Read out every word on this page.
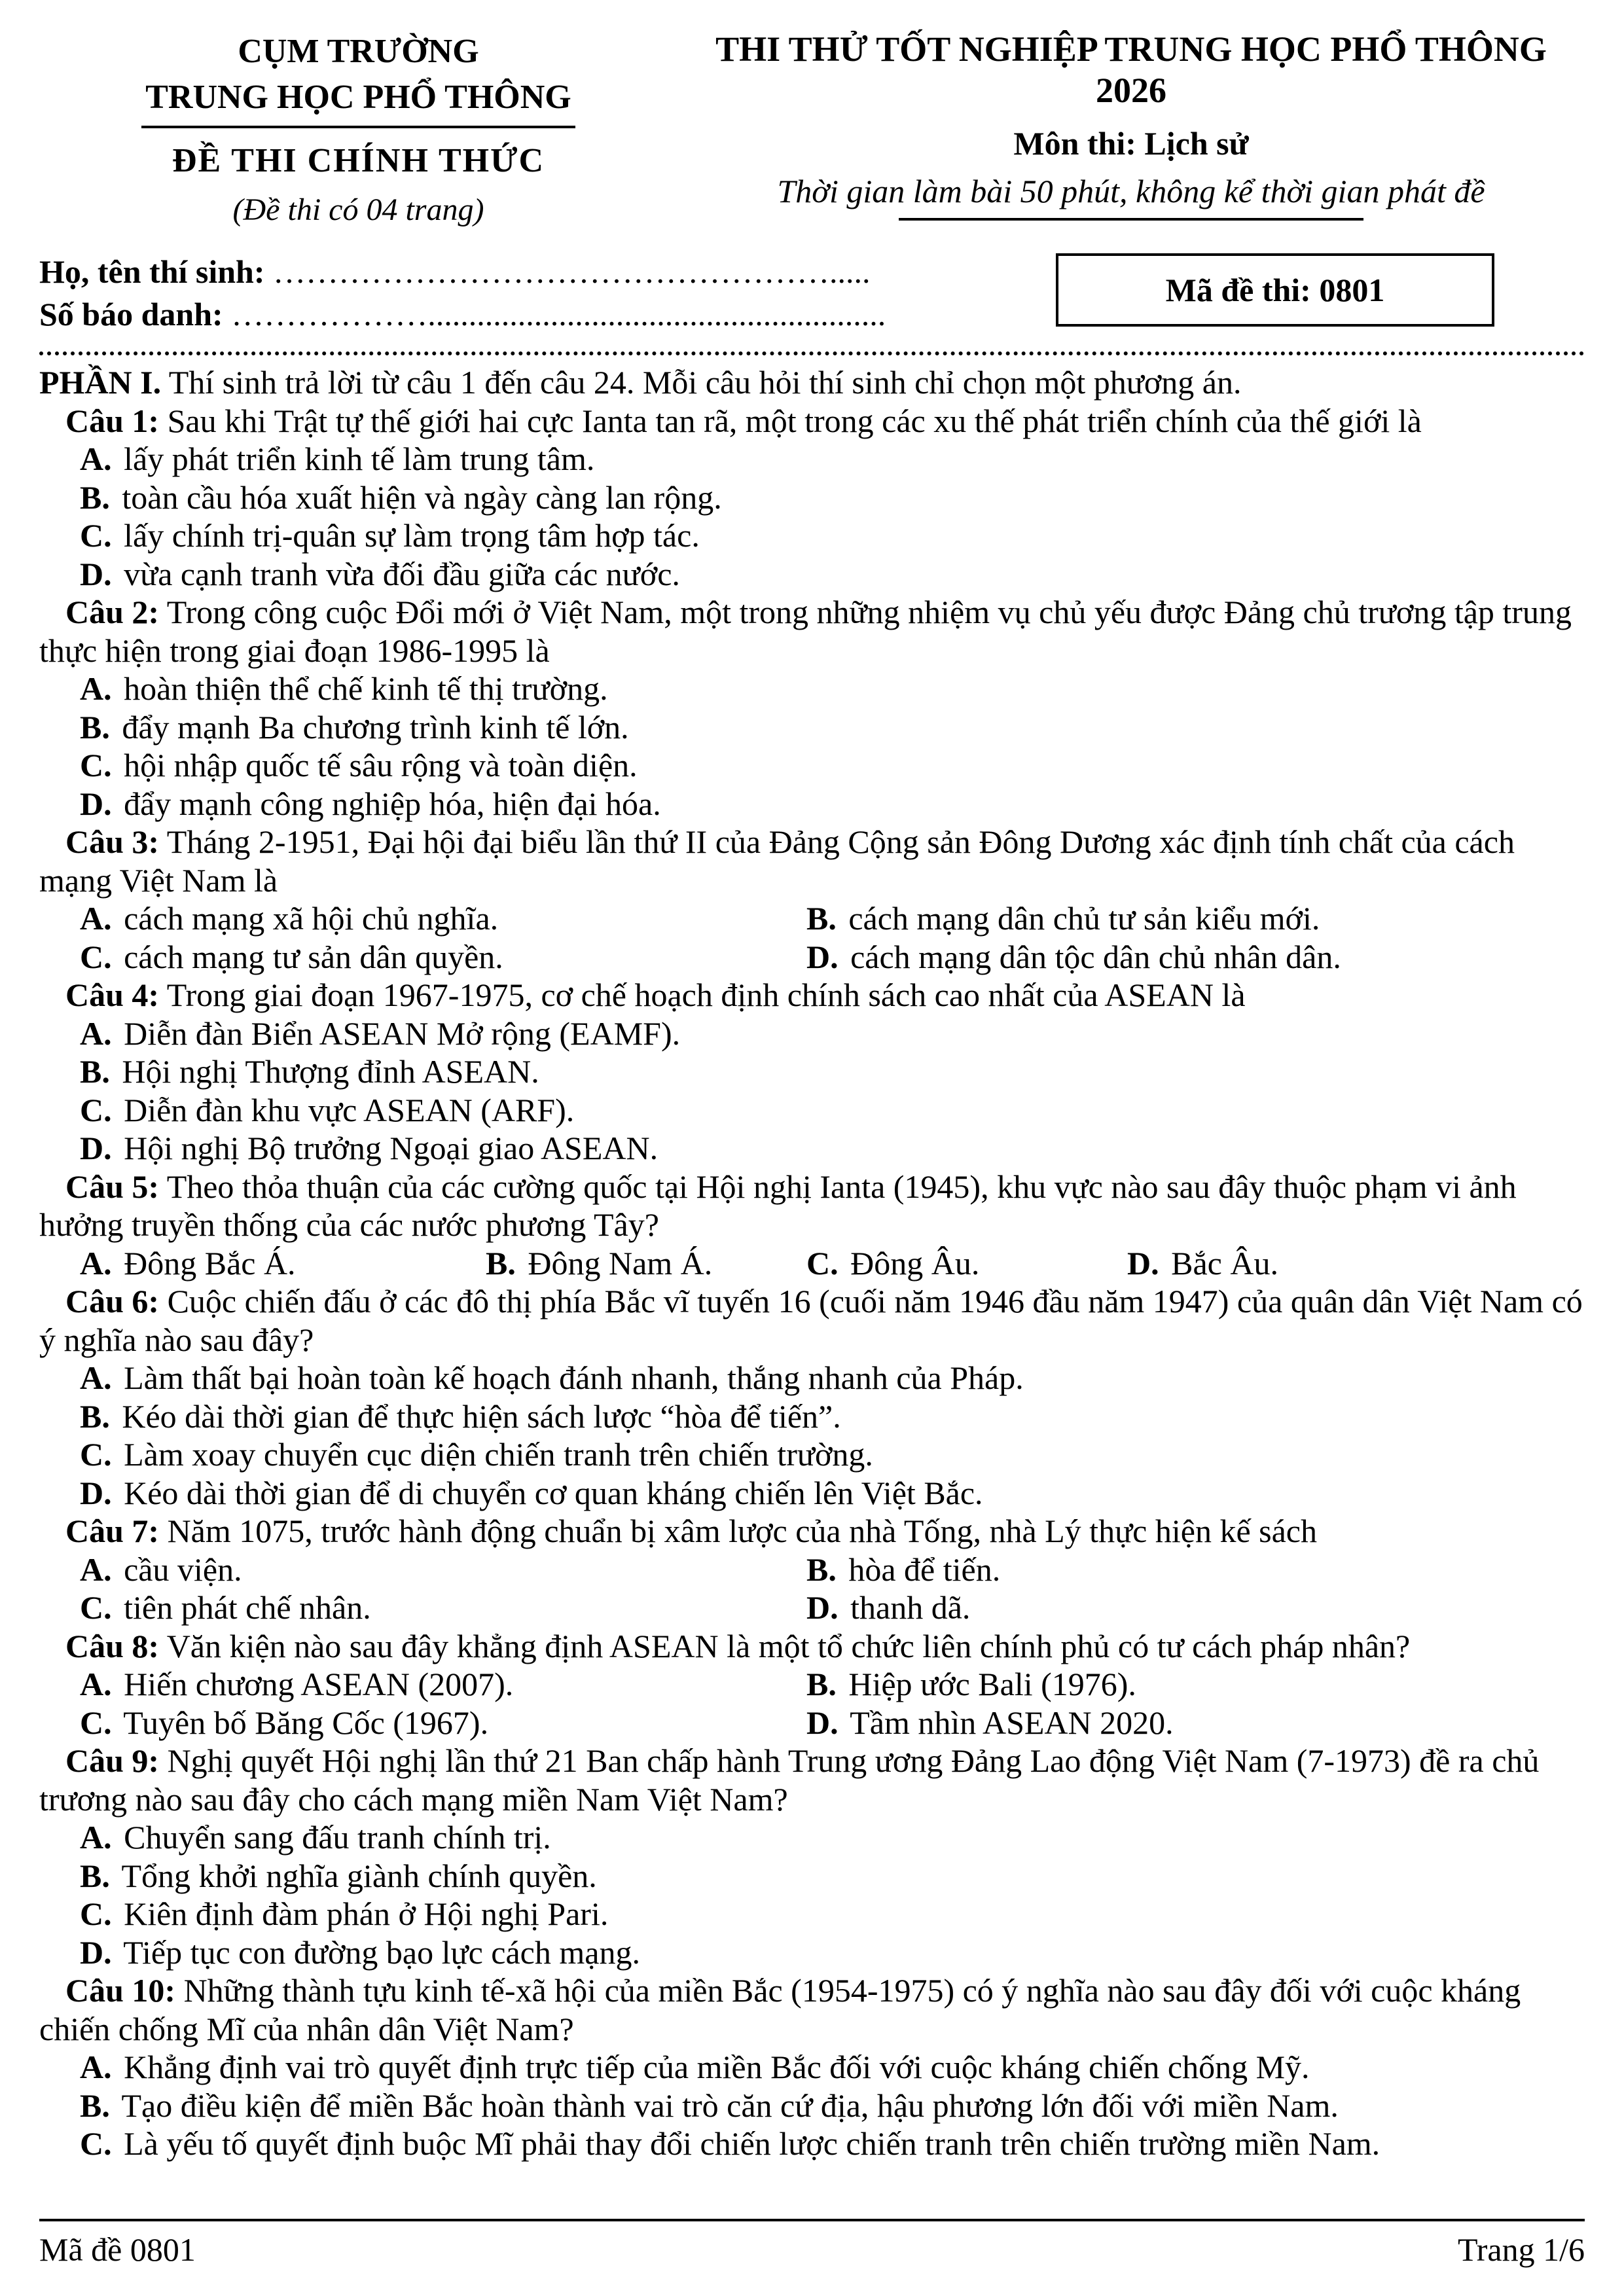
CỤM TRƯỜNG
TRUNG HỌC PHỔ THÔNG
ĐỀ THI CHÍNH THỨC
(Đề thi có 04 trang)
THI THỬ TỐT NGHIỆP TRUNG HỌC PHỔ THÔNG 2026
Môn thi: Lịch sử
Thời gian làm bài 50 phút, không kể thời gian phát đề
Họ, tên thí sinh: …………………………………………….....
Số báo danh: ………………........................................................
Mã đề thi: 0801

PHẦN I. Thí sinh trả lời từ câu 1 đến câu 24. Mỗi câu hỏi thí sinh chỉ chọn một phương án.

Câu 1: Sau khi Trật tự thế giới hai cực Ianta tan rã, một trong các xu thế phát triển chính của thế giới là

A. lấy phát triển kinh tế làm trung tâm.

B. toàn cầu hóa xuất hiện và ngày càng lan rộng.

C. lấy chính trị-quân sự làm trọng tâm hợp tác.

D. vừa cạnh tranh vừa đối đầu giữa các nước.

Câu 2: Trong công cuộc Đổi mới ở Việt Nam, một trong những nhiệm vụ chủ yếu được Đảng chủ trương tập trung thực hiện trong giai đoạn 1986-1995 là

A. hoàn thiện thể chế kinh tế thị trường.

B. đẩy mạnh Ba chương trình kinh tế lớn.

C. hội nhập quốc tế sâu rộng và toàn diện.

D. đẩy mạnh công nghiệp hóa, hiện đại hóa.

Câu 3: Tháng 2-1951, Đại hội đại biểu lần thứ II của Đảng Cộng sản Đông Dương xác định tính chất của cách mạng Việt Nam là

A. cách mạng xã hội chủ nghĩa.	B. cách mạng dân chủ tư sản kiểu mới.

C. cách mạng tư sản dân quyền.	D. cách mạng dân tộc dân chủ nhân dân.

Câu 4: Trong giai đoạn 1967-1975, cơ chế hoạch định chính sách cao nhất của ASEAN là

A. Diễn đàn Biển ASEAN Mở rộng (EAMF).

B. Hội nghị Thượng đỉnh ASEAN.

C. Diễn đàn khu vực ASEAN (ARF).

D. Hội nghị Bộ trưởng Ngoại giao ASEAN.

Câu 5: Theo thỏa thuận của các cường quốc tại Hội nghị Ianta (1945), khu vực nào sau đây thuộc phạm vi ảnh hưởng truyền thống của các nước phương Tây?

A. Đông Bắc Á.	B. Đông Nam Á.	C. Đông Âu.	D. Bắc Âu.

Câu 6: Cuộc chiến đấu ở các đô thị phía Bắc vĩ tuyến 16 (cuối năm 1946 đầu năm 1947) của quân dân Việt Nam có ý nghĩa nào sau đây?

A. Làm thất bại hoàn toàn kế hoạch đánh nhanh, thắng nhanh của Pháp.

B. Kéo dài thời gian để thực hiện sách lược “hòa để tiến”.

C. Làm xoay chuyển cục diện chiến tranh trên chiến trường.

D. Kéo dài thời gian để di chuyển cơ quan kháng chiến lên Việt Bắc.

Câu 7: Năm 1075, trước hành động chuẩn bị xâm lược của nhà Tống, nhà Lý thực hiện kế sách

A. cầu viện.	B. hòa để tiến.

C. tiên phát chế nhân.	D. thanh dã.

Câu 8: Văn kiện nào sau đây khẳng định ASEAN là một tổ chức liên chính phủ có tư cách pháp nhân?

A. Hiến chương ASEAN (2007).	B. Hiệp ước Bali (1976).

C. Tuyên bố Băng Cốc (1967).	D. Tầm nhìn ASEAN 2020.

Câu 9: Nghị quyết Hội nghị lần thứ 21 Ban chấp hành Trung ương Đảng Lao động Việt Nam (7-1973) đề ra chủ trương nào sau đây cho cách mạng miền Nam Việt Nam?

A. Chuyển sang đấu tranh chính trị.

B. Tổng khởi nghĩa giành chính quyền.

C. Kiên định đàm phán ở Hội nghị Pari.

D. Tiếp tục con đường bạo lực cách mạng.

Câu 10: Những thành tựu kinh tế-xã hội của miền Bắc (1954-1975) có ý nghĩa nào sau đây đối với cuộc kháng chiến chống Mĩ của nhân dân Việt Nam?

A. Khẳng định vai trò quyết định trực tiếp của miền Bắc đối với cuộc kháng chiến chống Mỹ.

B. Tạo điều kiện để miền Bắc hoàn thành vai trò căn cứ địa, hậu phương lớn đối với miền Nam.

C. Là yếu tố quyết định buộc Mĩ phải thay đổi chiến lược chiến tranh trên chiến trường miền Nam.

Mã đề 0801	Trang 1/6
